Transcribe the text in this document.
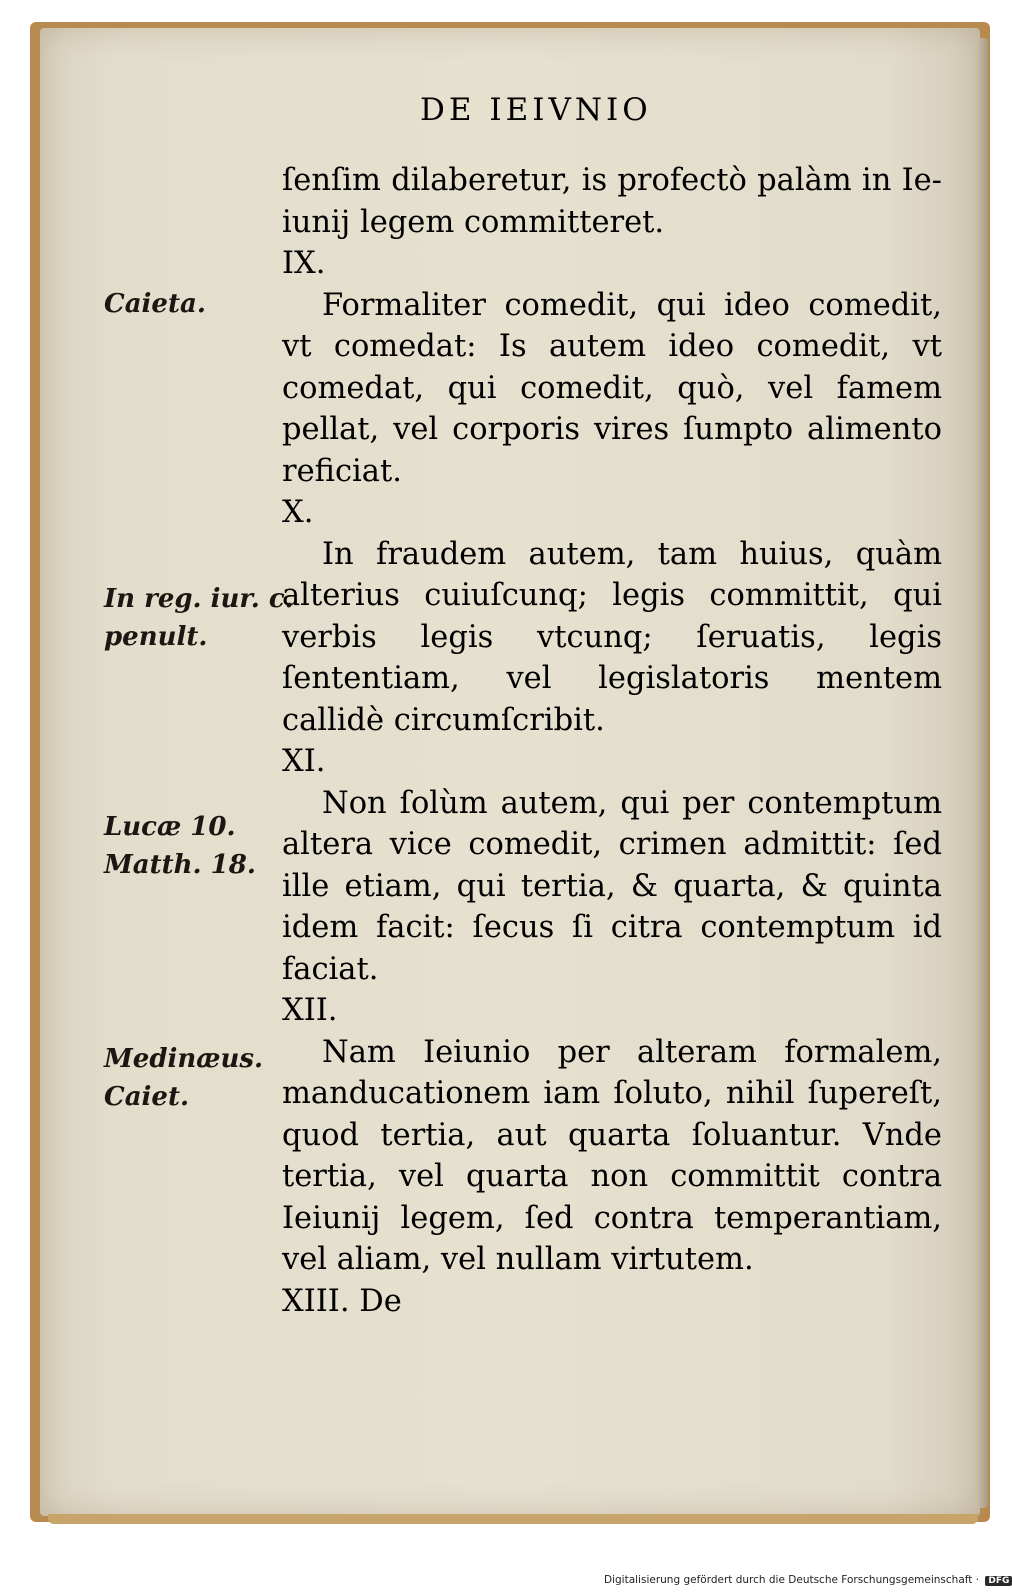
DE IEIVNIO

ſenſim dilaberetur, is profectò palàm in Ie-iunij legem committeret.

IX.

Formaliter comedit, qui ideo comedit, vt comedat: Is autem ideo comedit, vt comedat, qui comedit, quò, vel famem pellat, vel corporis vires ſumpto alimento reficiat.

X.

In fraudem autem, tam huius, quàm alterius cuiuſcunq; legis committit, qui verbis legis vtcunq; ſeruatis, legis ſententiam, vel legislatoris mentem callidè circumſcribit.

XI.

Non ſolùm autem, qui per contemptum altera vice comedit, crimen admittit: ſed ille etiam, qui tertia, & quarta, & quinta idem facit: ſecus ſi citra contemptum id faciat.

XII.

Nam Ieiunio per alteram formalem, manducationem iam ſoluto, nihil ſupereſt, quod tertia, aut quarta ſoluantur. Vnde tertia, vel quarta non committit contra Ieiunij legem, ſed contra temperantiam, vel aliam, vel nullam virtutem.

XIII. De

Caieta.
In reg. iur. c.
penult.
Lucæ 10.
Matth. 18.
Medinæus.
Caiet.
Digitalisierung gefördert durch die Deutsche Forschungsgemeinschaft · DFG
